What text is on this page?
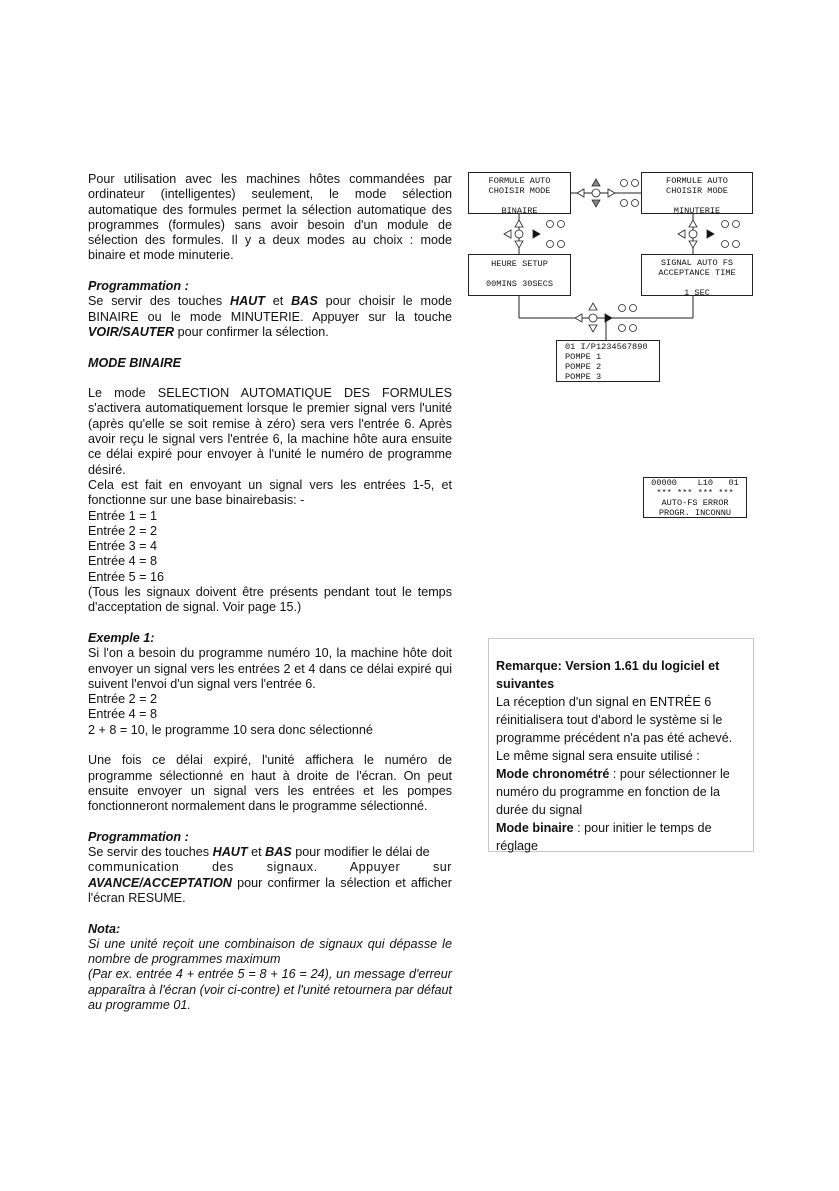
Pour utilisation avec les machines hôtes commandées par ordinateur (intelligentes) seulement, le mode sélection automatique des formules permet la sélection automatique des programmes (formules) sans avoir besoin d'un module de sélection des formules. Il y a deux modes au choix : mode binaire et mode minuterie.

Programmation :

Se servir des touches HAUT et BAS pour choisir le mode BINAIRE ou le mode MINUTERIE. Appuyer sur la touche VOIR/SAUTER pour confirmer la sélection.

MODE BINAIRE

Le mode SELECTION AUTOMATIQUE DES FORMULES s'activera automatiquement lorsque le premier signal vers l'unité (après qu'elle se soit remise à zéro) sera vers l'entrée 6. Après avoir reçu le signal vers l'entrée 6, la machine hôte aura ensuite ce délai expiré pour envoyer à l'unité le numéro de programme désiré.

Cela est fait en envoyant un signal vers les entrées 1-5, et fonctionne sur une base binairebasis: -

Entrée 1 = 1

Entrée 2 = 2

Entrée 3 = 4

Entrée 4 = 8

Entrée 5 = 16

(Tous les signaux doivent être présents pendant tout le temps d'acceptation de signal. Voir page 15.)

Exemple 1:

Si l'on a besoin du programme numéro 10, la machine hôte doit envoyer un signal vers les entrées 2 et 4 dans ce délai expiré qui suivent l'envoi d'un signal vers l'entrée 6.

Entrée 2 = 2

Entrée 4 = 8

2 + 8 = 10, le programme 10 sera donc sélectionné

Une fois ce délai expiré, l'unité affichera le numéro de programme sélectionné en haut à droite de l'écran. On peut ensuite envoyer un signal vers les entrées et les pompes fonctionneront normalement dans le programme sélectionné.

Programmation :

Se servir des touches HAUT et BAS pour modifier le délai de

communication des signaux. Appuyer sur

AVANCE/ACCEPTATION pour confirmer la sélection et afficher l'écran RESUME.

Nota:

Si une unité reçoit une combinaison de signaux qui dépasse le nombre de programmes maximum

(Par ex. entrée 4 + entrée 5 = 8 + 16 = 24), un message d'erreur apparaîtra à l'écran (voir ci-contre) et l'unité retournera par défaut au programme 01.

FORMULE AUTO
CHOISIR MODE

BINAIRE
FORMULE AUTO
CHOISIR MODE

MINUTERIE
HEURE SETUP

00MINS 30SECS
SIGNAL AUTO FS
ACCEPTANCE TIME

1 SEC
01 I/P1234567890
POMPE 1
POMPE 2
POMPE 3
00000    L10   01
*** *** *** ***
AUTO-FS ERROR
PROGR. INCONNU

Remarque: Version 1.61 du logiciel et suivantes

La réception d'un signal en ENTRÉE 6 réinitialisera tout d'abord le système si le programme précédent n'a pas été achevé. Le même signal sera ensuite utilisé :

Mode chronométré : pour sélectionner le numéro du programme en fonction de la durée du signal

Mode binaire : pour initier le temps de réglage
